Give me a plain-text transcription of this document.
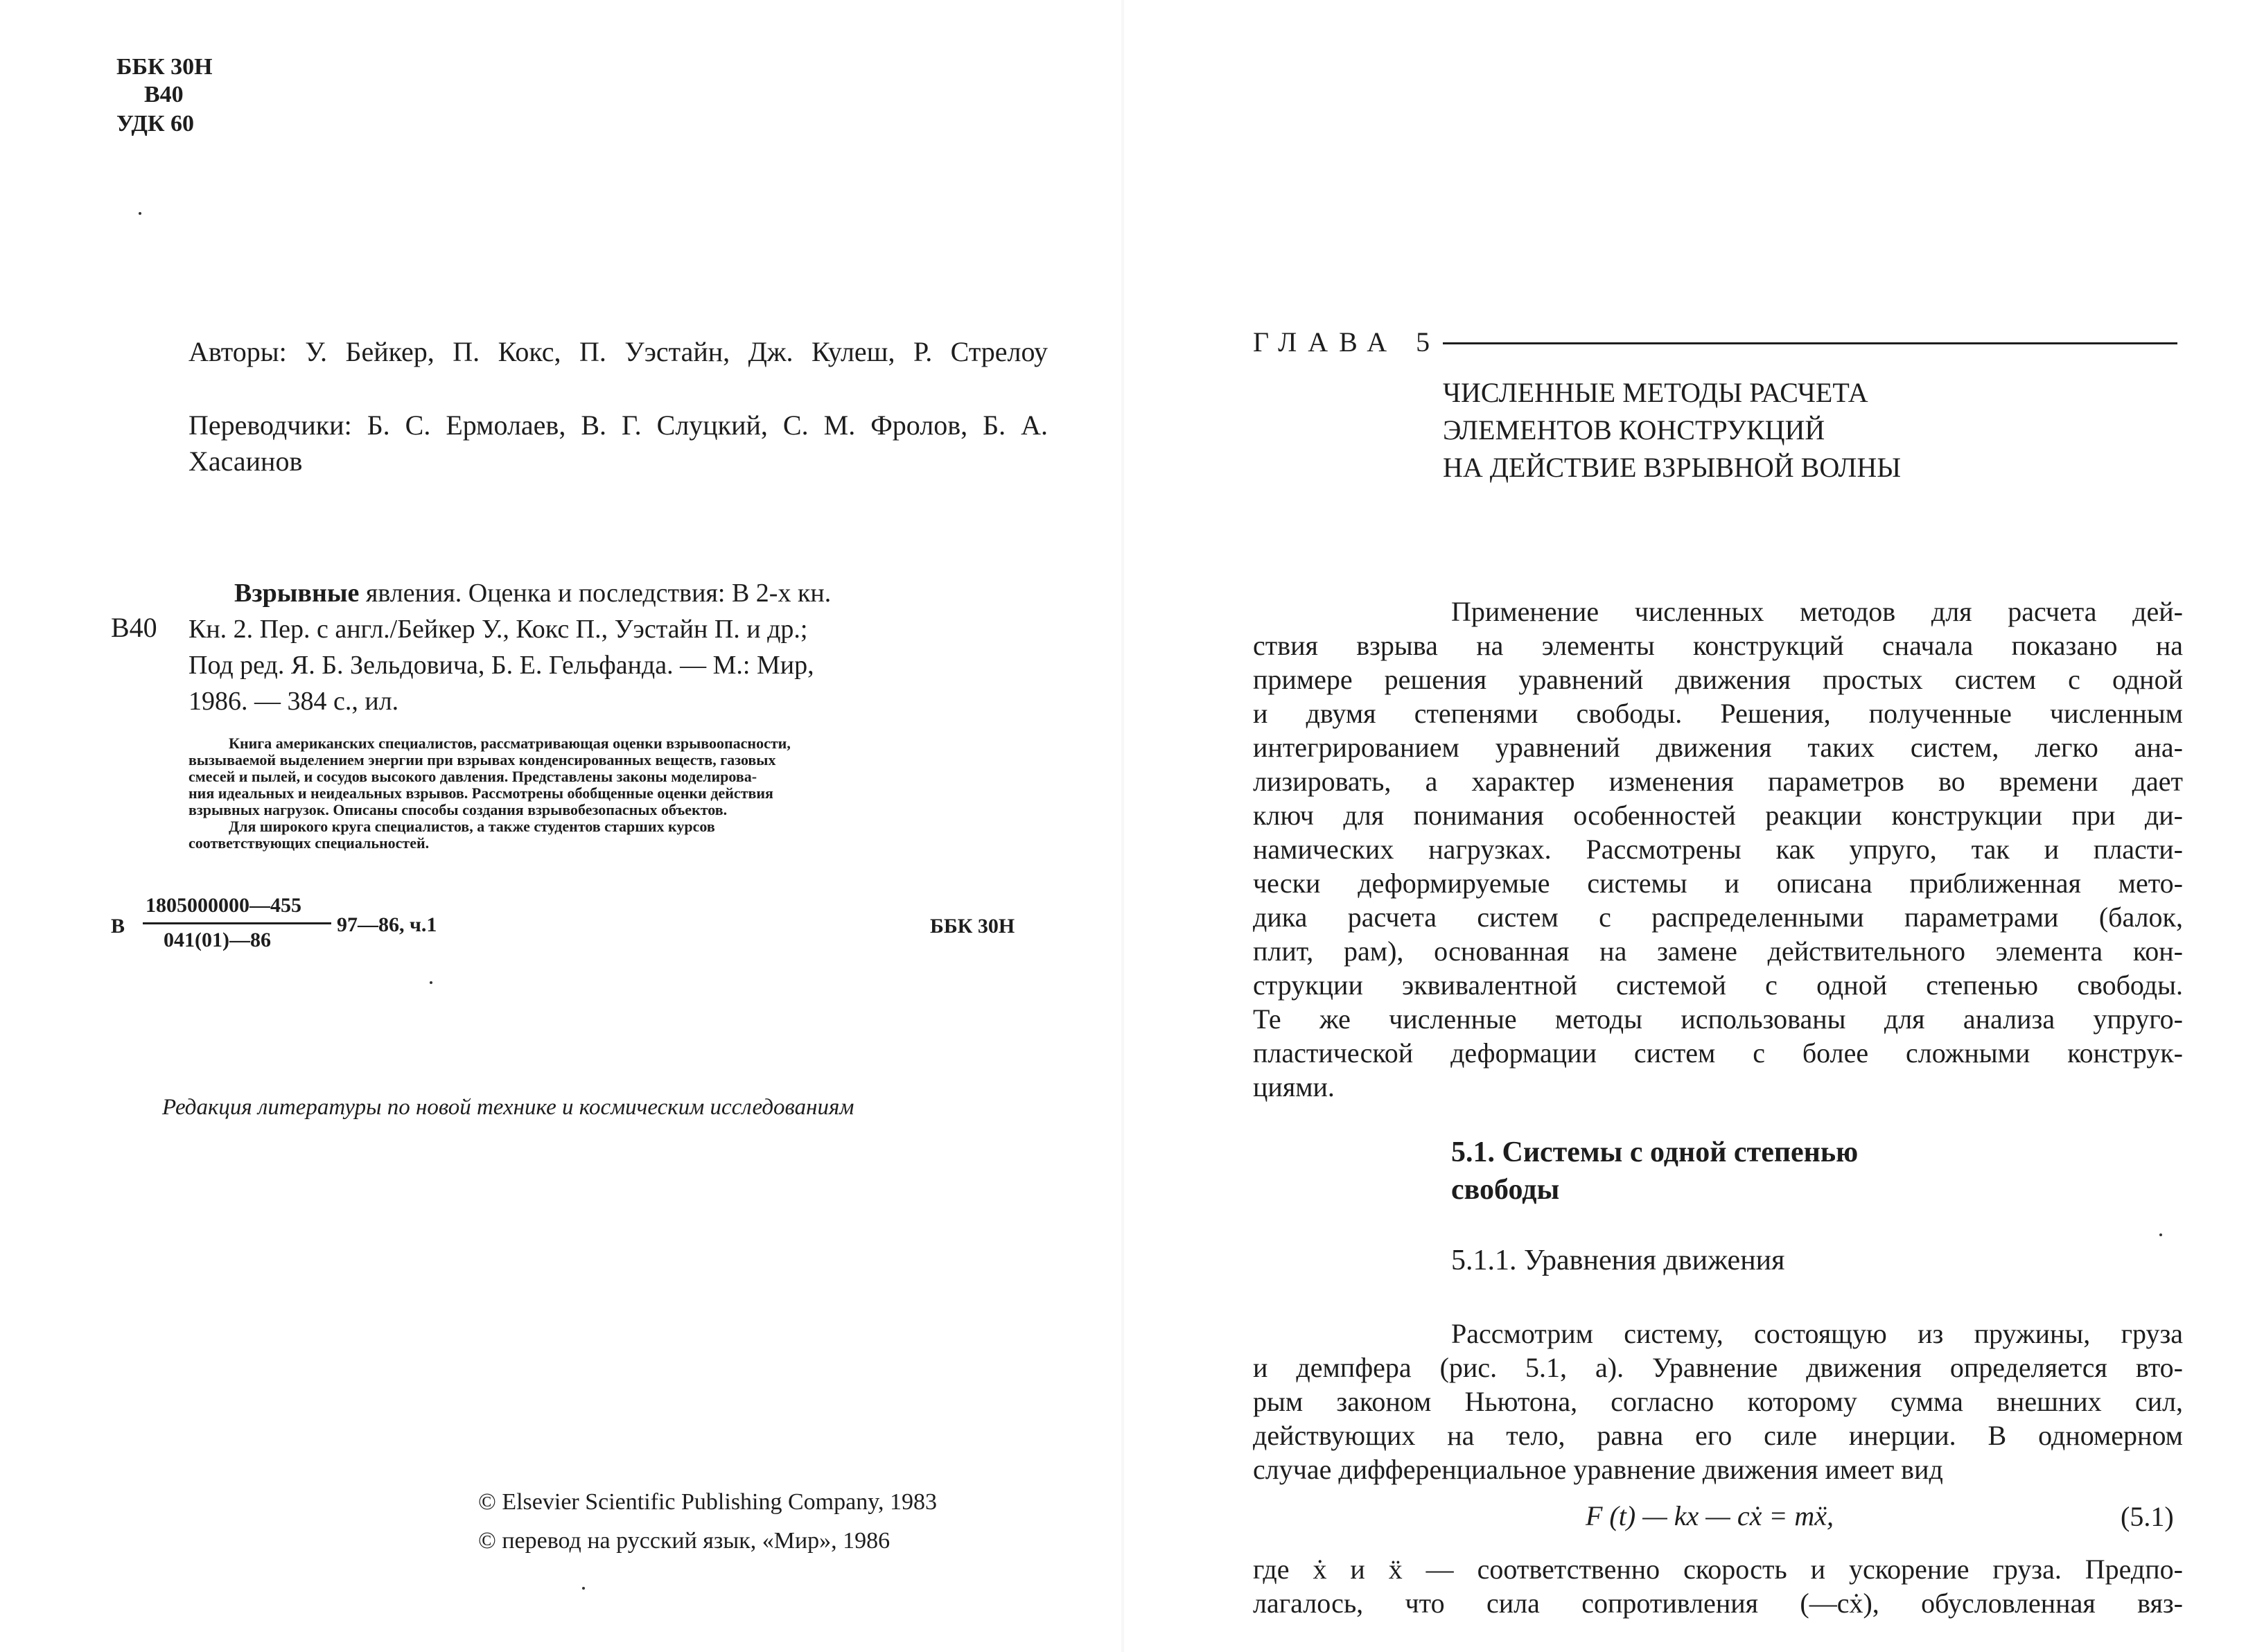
ББК 30Н
В40
УДК 60
Авторы: У. Бейкер, П. Кокс, П. Уэстайн, Дж. Кулеш, Р. Стрелоу
Переводчики: Б. С. Ермолаев, В. Г. Слуцкий, С. М. Фролов, Б. А. Хасаинов
В40
Взрывные явления. Оценка и последствия: В 2-х кн.
Кн. 2. Пер. с англ./Бейкер У., Кокс П., Уэстайн П. и др.;
Под ред. Я. Б. Зельдовича, Б. Е. Гельфанда. — М.: Мир,
1986. — 384 с., ил.
Книга американских специалистов, рассматривающая оценки взрывоопасности,
вызываемой выделением энергии при взрывах конденсированных веществ, газовых
смесей и пылей, и сосудов высокого давления. Представлены законы моделирова-
ния идеальных и неидеальных взрывов. Рассмотрены обобщенные оценки действия
взрывных нагрузок. Описаны способы создания взрывобезопасных объектов.
Для широкого круга специалистов, а также студентов старших курсов
соответствующих специальностей.
В
1805000000—455
041(01)—86
97—86, ч.1	ББК 30Н
Редакция литературы по новой технике и космическим исследованиям
© Elsevier Scientific Publishing Company, 1983
© перевод на русский язык, «Мир», 1986
ГЛАВА 5
ЧИСЛЕННЫЕ МЕТОДЫ РАСЧЕТА
ЭЛЕМЕНТОВ КОНСТРУКЦИЙ
НА ДЕЙСТВИЕ ВЗРЫВНОЙ ВОЛНЫ
Применение численных методов для расчета дей-
ствия взрыва на элементы конструкций сначала показано на
примере решения уравнений движения простых систем с одной
и двумя степенями свободы. Решения, полученные численным
интегрированием уравнений движения таких систем, легко ана-
лизировать, а характер изменения параметров во времени дает
ключ для понимания особенностей реакции конструкции при ди-
намических нагрузках. Рассмотрены как упруго, так и пласти-
чески деформируемые системы и описана приближенная мето-
дика расчета систем с распределенными параметрами (балок,
плит, рам), основанная на замене действительного элемента кон-
струкции эквивалентной системой с одной степенью свободы.
Те же численные методы использованы для анализа упруго-
пластической деформации систем с более сложными конструк-
циями.
5.1. Системы с одной степенью
свободы
5.1.1. Уравнения движения
Рассмотрим систему, состоящую из пружины, груза
и демпфера (рис. 5.1, а). Уравнение движения определяется вто-
рым законом Ньютона, согласно которому сумма внешних сил,
действующих на тело, равна его силе инерции. В одномерном
случае дифференциальное уравнение движения имеет вид
F (t) — kx — cẋ = mẍ,	(5.1)
где ẋ и ẍ — соответственно скорость и ускорение груза. Предпо-
лагалось, что сила сопротивления (—cẋ), обусловленная вяз-
